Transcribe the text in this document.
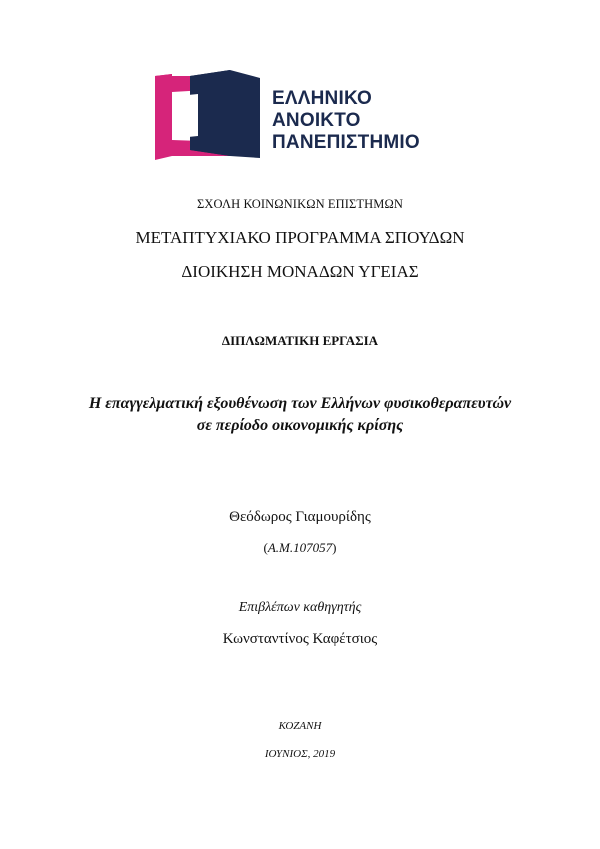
ΕΛΛΗΝΙΚΟ
ΑΝΟΙΚΤΟ
ΠΑΝΕΠΙΣΤΗΜΙΟ
ΣΧΟΛΗ ΚΟΙΝΩΝΙΚΩΝ ΕΠΙΣΤΗΜΩΝ
ΜΕΤΑΠΤΥΧΙΑΚΟ ΠΡΟΓΡΑΜΜΑ ΣΠΟΥΔΩΝ
ΔΙΟΙΚΗΣΗ ΜΟΝΑΔΩΝ ΥΓΕΙΑΣ
ΔΙΠΛΩΜΑΤΙΚΗ ΕΡΓΑΣΙΑ
Η επαγγελματική εξουθένωση των Ελλήνων φυσικοθεραπευτών
σε περίοδο οικονομικής κρίσης
Θεόδωρος Γιαμουρίδης
(Α.Μ.107057)
Επιβλέπων καθηγητής
Κωνσταντίνος Καφέτσιος
ΚΟΖΑΝΗ
ΙΟΥΝΙΟΣ, 2019
